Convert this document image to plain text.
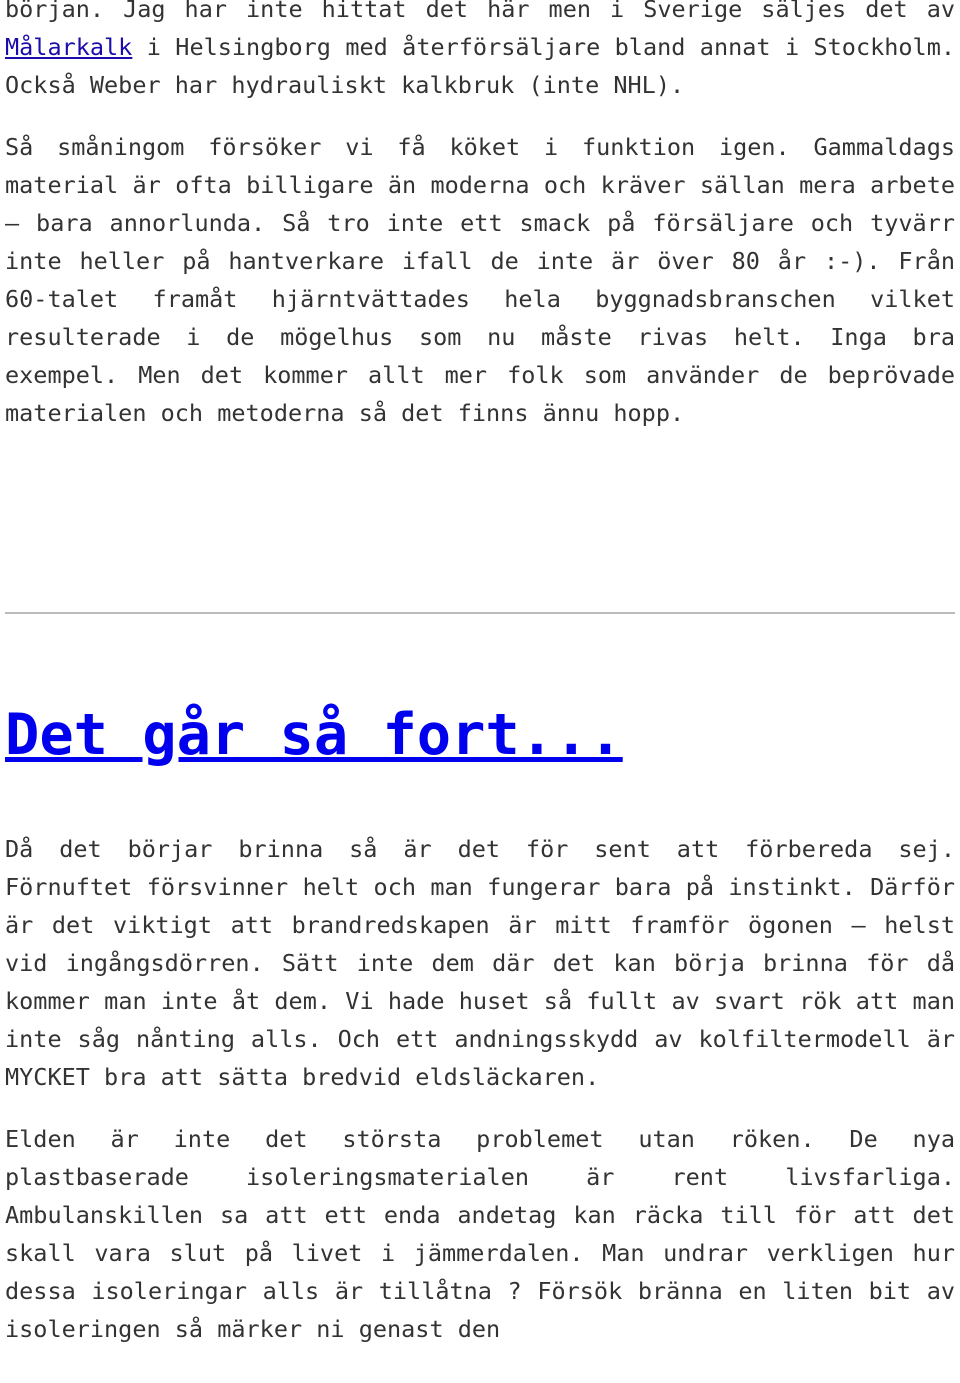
början. Jag har inte hittat det här men i Sverige säljes det av Målarkalk i Helsingborg med återförsäljare bland annat i Stockholm. Också Weber har hydrauliskt kalkbruk (inte NHL).

Så småningom försöker vi få köket i funktion igen. Gammaldags material är ofta billigare än moderna och kräver sällan mera arbete – bara annorlunda. Så tro inte ett smack på försäljare och tyvärr inte heller på hantverkare ifall de inte är över 80 år :-). Från 60-talet framåt hjärntvättades hela byggnadsbranschen vilket resulterade i de mögelhus som nu måste rivas helt. Inga bra exempel. Men det kommer allt mer folk som använder de beprövade materialen och metoderna så det finns ännu hopp.

Det går så fort...

Då det börjar brinna så är det för sent att förbereda sej. Förnuftet försvinner helt och man fungerar bara på instinkt. Därför är det viktigt att brandredskapen är mitt framför ögonen – helst vid ingångsdörren. Sätt inte dem där det kan börja brinna för då kommer man inte åt dem. Vi hade huset så fullt av svart rök att man inte såg nånting alls. Och ett andningsskydd av kolfiltermodell är MYCKET bra att sätta bredvid eldsläckaren.

Elden är inte det största problemet utan röken. De nya plastbaserade isoleringsmaterialen är rent livsfarliga. Ambulanskillen sa att ett enda andetag kan räcka till för att det skall vara slut på livet i jämmerdalen. Man undrar verkligen hur dessa isoleringar alls är tillåtna ? Försök bränna en liten bit av isoleringen så märker ni genast den
